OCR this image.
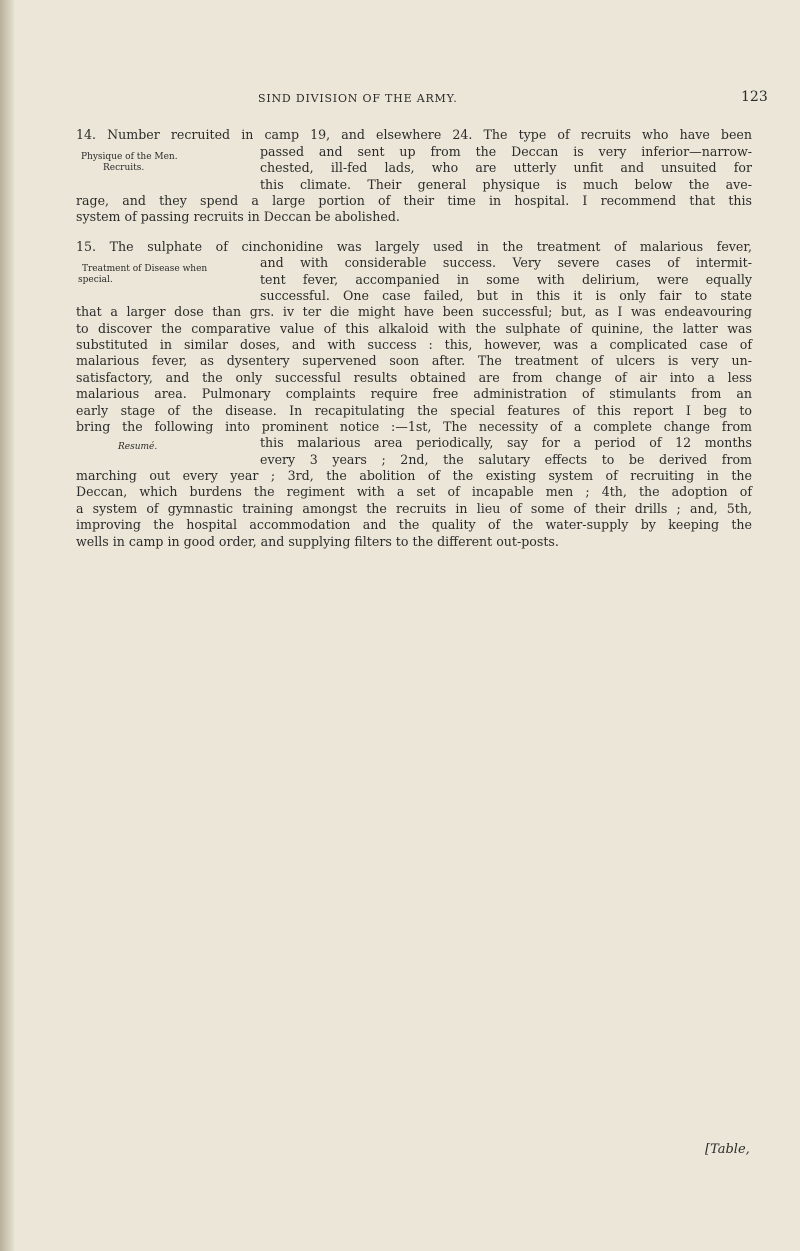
SIND DIVISION OF THE ARMY.	123
14. Number recruited in camp 19, and elsewhere 24. The type of recruits who have been
Physique of the Men.
Recruits.
passed and sent up from the Deccan is very inferior—narrow-
chested, ill-fed lads, who are utterly unfit and unsuited for
this climate. Their general physique is much below the ave-
rage, and they spend a large portion of their time in hospital. I recommend that this
system of passing recruits in Deccan be abolished.
15. The sulphate of cinchonidine was largely used in the treatment of malarious fever,
Treatment of Disease when
special.
and with considerable success. Very severe cases of intermit-
tent fever, accompanied in some with delirium, were equally
successful. One case failed, but in this it is only fair to state
that a larger dose than grs. iv ter die might have been successful; but, as I was endeavouring
to discover the comparative value of this alkaloid with the sulphate of quinine, the latter was
substituted in similar doses, and with success : this, however, was a complicated case of
malarious fever, as dysentery supervened soon after. The treatment of ulcers is very un-
satisfactory, and the only successful results obtained are from change of air into a less
malarious area. Pulmonary complaints require free administration of stimulants from an
early stage of the disease. In recapitulating the special features of this report I beg to
bring the following into prominent notice :—1st, The necessity of a complete change from
Resumé.	this malarious area periodically, say for a period of 12 months
every 3 years ; 2nd, the salutary effects to be derived from
marching out every year ; 3rd, the abolition of the existing system of recruiting in the
Deccan, which burdens the regiment with a set of incapable men ; 4th, the adoption of
a system of gymnastic training amongst the recruits in lieu of some of their drills ; and, 5th,
improving the hospital accommodation and the quality of the water-supply by keeping the
wells in camp in good order, and supplying filters to the different out-posts.
[Table,
